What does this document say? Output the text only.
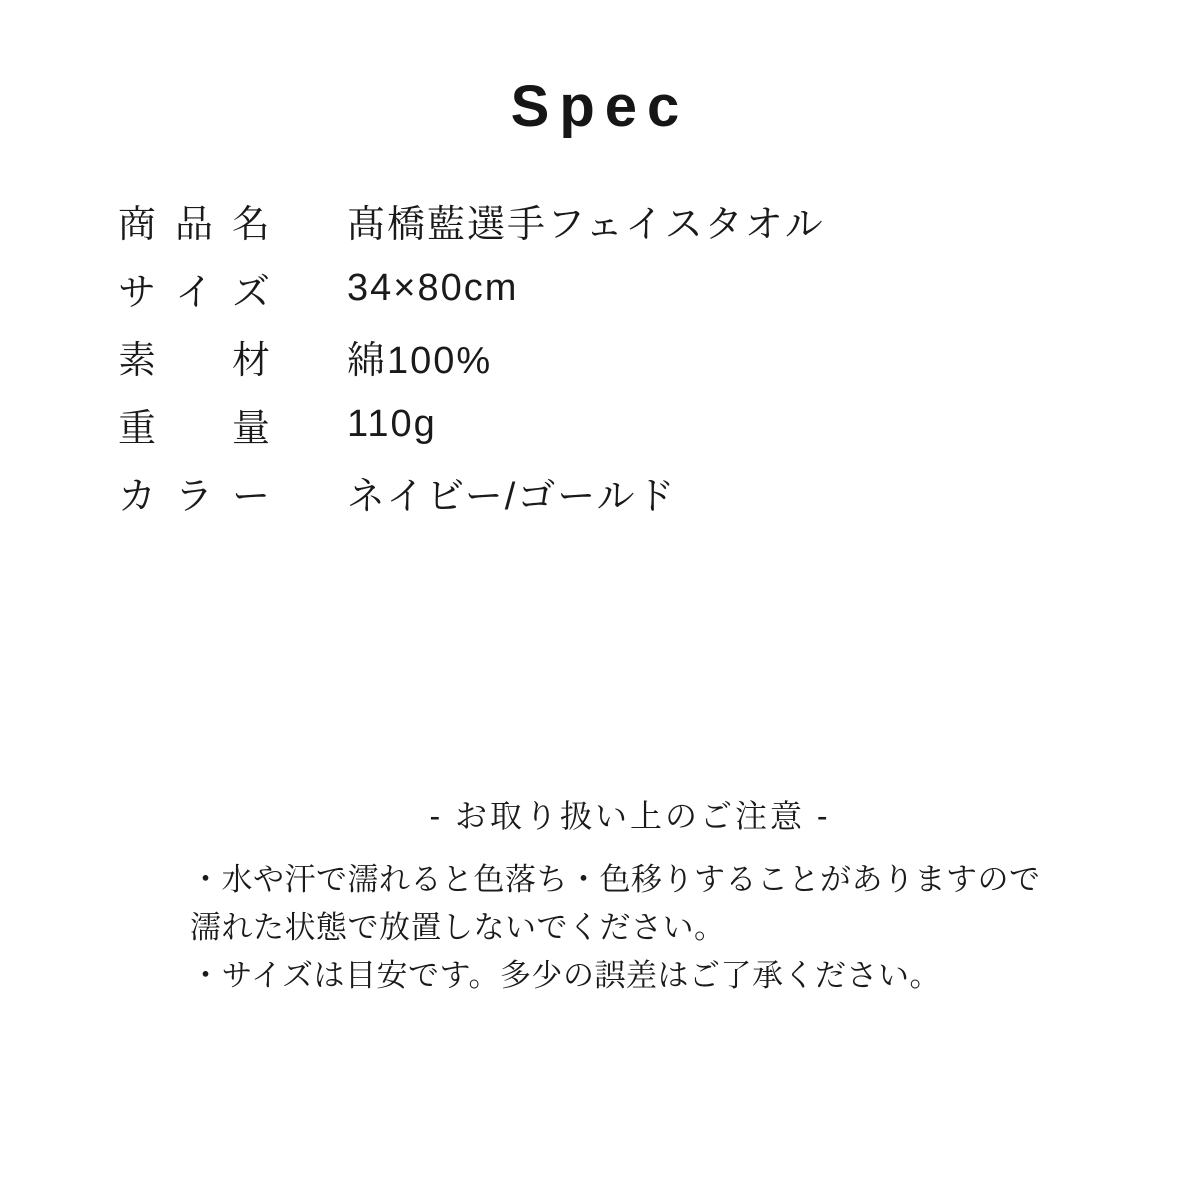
Spec
商 品 名 髙橋藍選手フェイスタオル
サ イ ズ 34×80cm
素 材 綿100%
重 量 110g
カ ラ ー ネイビー/ゴールド
- お取り扱い上のご注意 -
・水や汗で濡れると色落ち・色移りすることがありますので
濡れた状態で放置しないでください。
・サイズは目安です。多少の誤差はご了承ください。
